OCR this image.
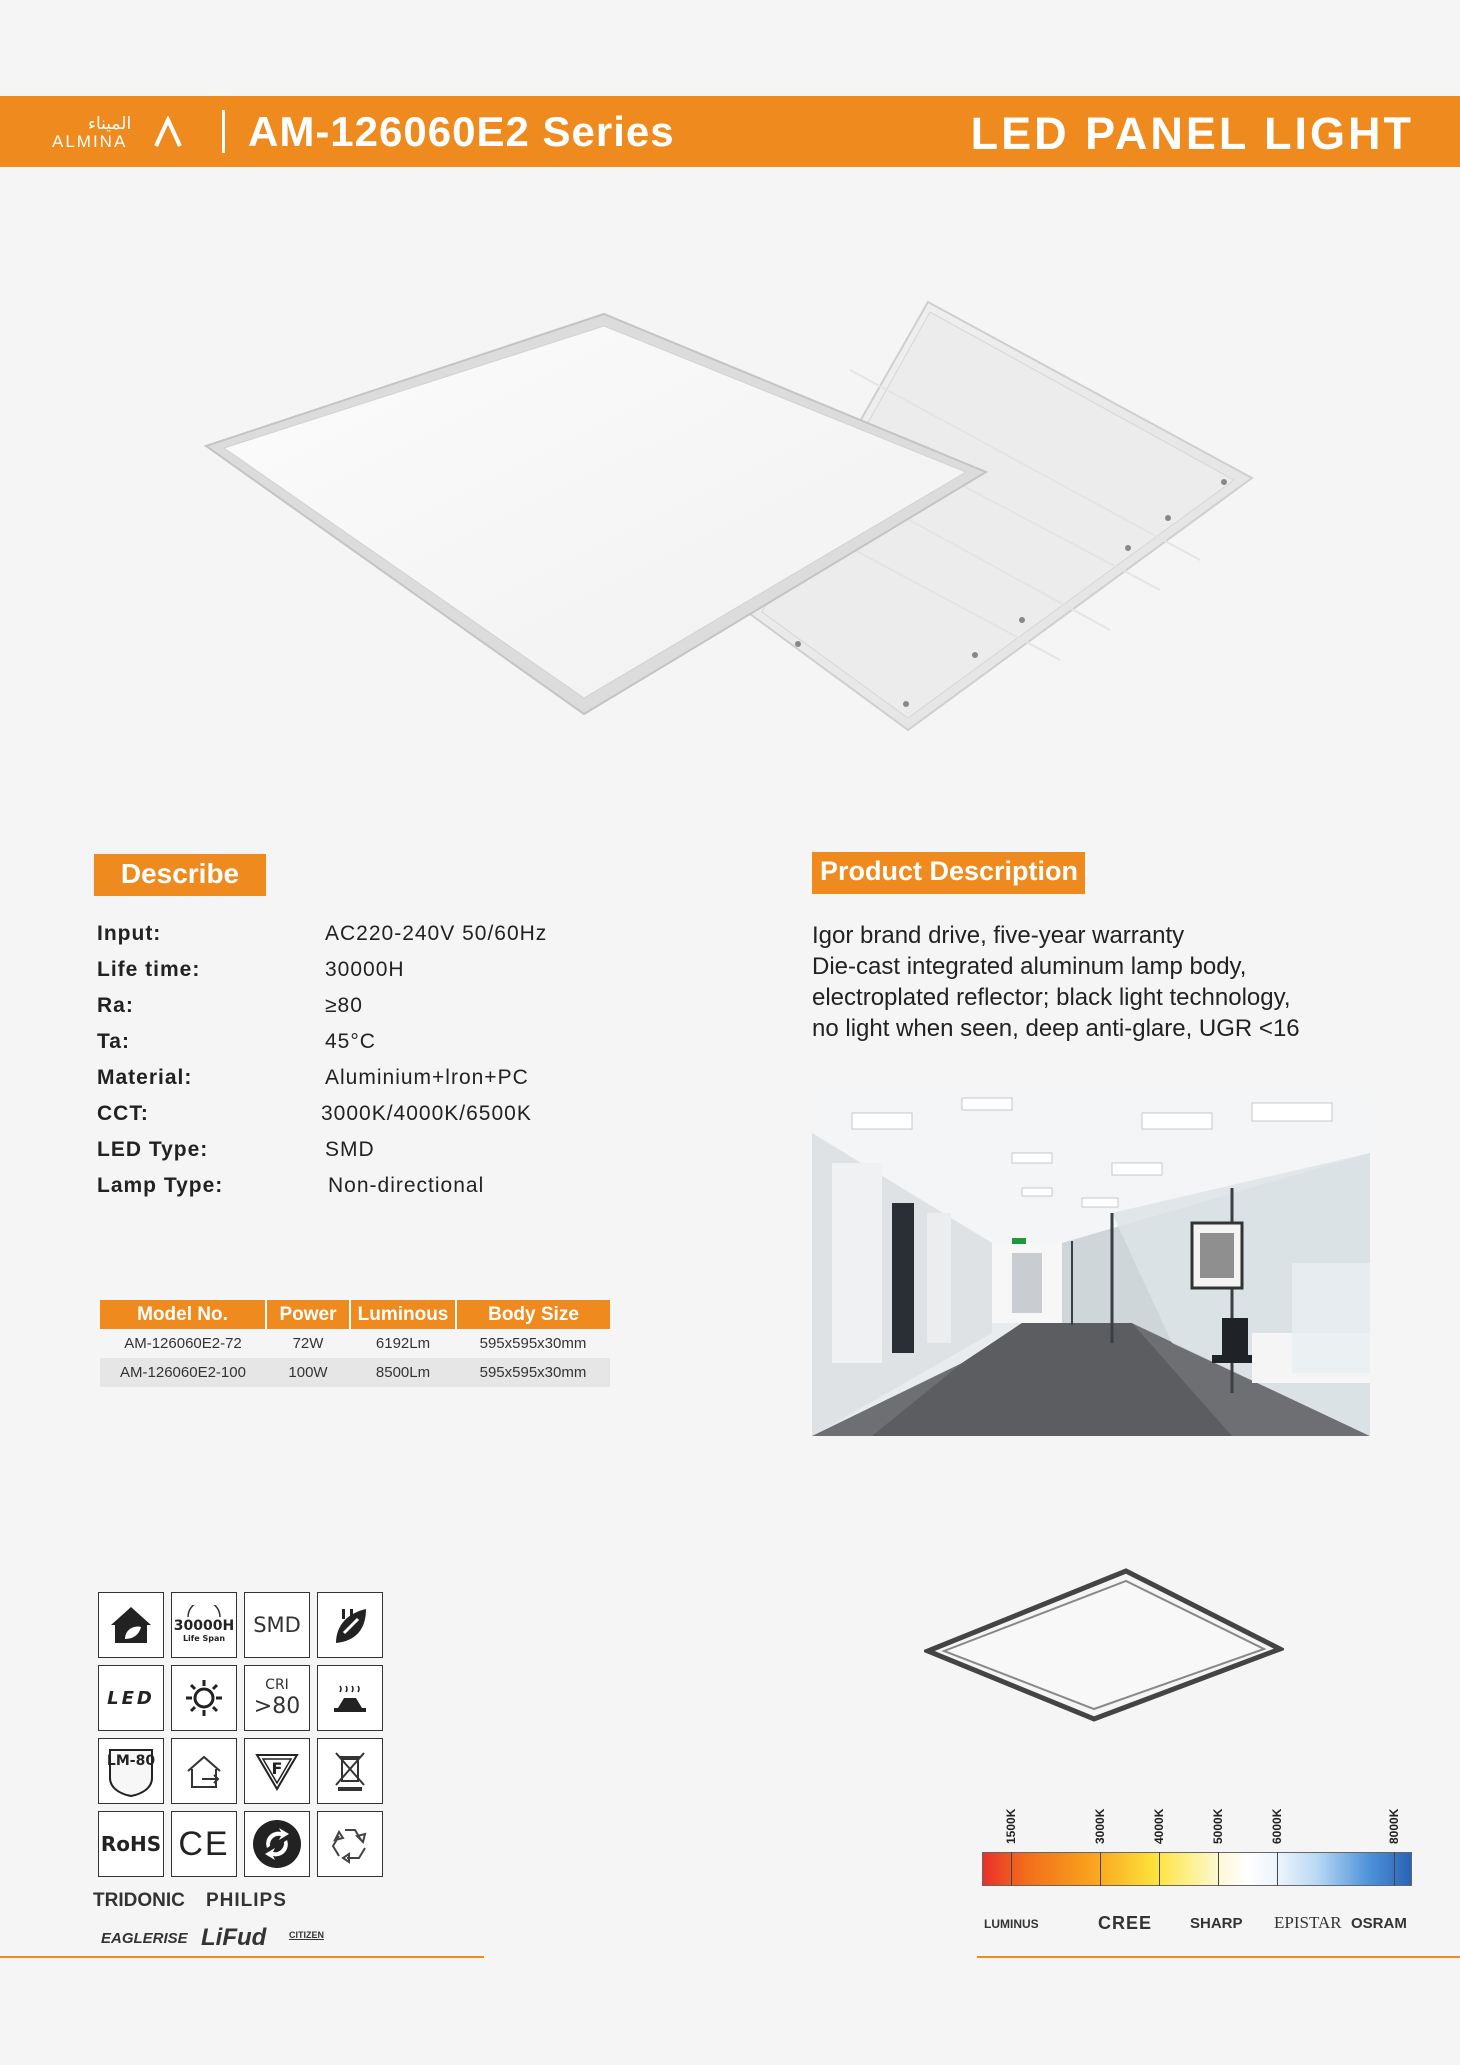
الميناء
ALMINA	AM-126060E2 Series	LED PANEL LIGHT
Describe
Input:	AC220-240V 50/60Hz
Life time:	30000H
Ra:	≥80
Ta:	45°C
Material:	Aluminium+lron+PC
CCT:	3000K/4000K/6500K
LED Type:	SMD
Lamp Type:	Non-directional
Product Description
Igor brand drive, five-year warranty
Die-cast integrated aluminum lamp body,
electroplated reflector; black light technology,
no light when seen, deep anti-glare, UGR <16
Model No.	Power	Luminous	Body Size
AM-126060E2-72	72W	6192Lm	595x595x30mm
AM-126060E2-100	100W	8500Lm	595x595x30mm
30000H
Life Span
SMD
LED
CRI
>80
LM-80	F
RoHS CE
TRIDONIC PHILIPS
EAGLERISE LiFud	CITIZEN
1500K	3000K	4000K	5000K	6000K	8000K
LUMINUS	CREE	SHARP EPISTAR OSRAM
